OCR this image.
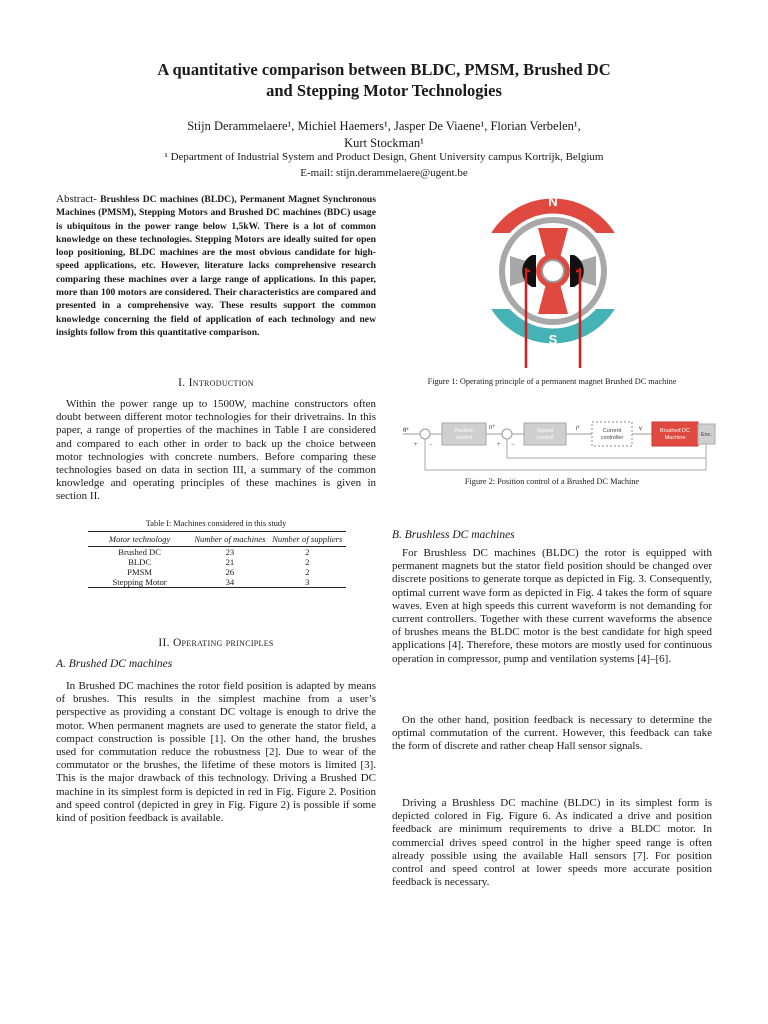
A quantitative comparison between BLDC, PMSM, Brushed DC
and Stepping Motor Technologies
Stijn Derammelaere¹, Michiel Haemers¹, Jasper De Viaene¹, Florian Verbelen¹,
Kurt Stockman¹
¹ Department of Industrial System and Product Design, Ghent University campus Kortrijk, Belgium
E-mail: stijn.derammelaere@ugent.be
Abstract- Brushless DC machines (BLDC), Permanent Magnet Synchronous Machines (PMSM), Stepping Motors and Brushed DC machines (BDC) usage is ubiquitous in the power range below 1,5kW. There is a lot of common knowledge on these technologies. Stepping Motors are ideally suited for open loop positioning, BLDC machines are the most obvious candidate for high-speed applications, etc. However, literature lacks comprehensive research comparing these machines over a large range of applications. In this paper, more than 100 motors are considered. Their characteristics are compared and presented in a comprehensive way. These results support the common knowledge concerning the field of application of each technology and new insights follow from this quantitative comparison.
I. Introduction

Within the power range up to 1500W, machine constructors often doubt between different motor technologies for their drivetrains. In this paper, a range of properties of the machines in Table I are considered and compared to each other in order to back up the choice between motor technologies with concrete numbers. Before comparing these technologies based on data in section III, a summary of the common knowledge and operating principles of these machines is given in section II.

Table I: Machines considered in this study
Motor technology	Number of machines	Number of suppliers
Brushed DC	23	2
BLDC	21	2
PMSM	26	2
Stepping Motor	34	3
II. Operating principles
A. Brushed DC machines

In Brushed DC machines the rotor field position is adapted by means of brushes. This results in the simplest machine from a user’s perspective as providing a constant DC voltage is enough to drive the motor. When permanent magnets are used to generate the stator field, a compact construction is possible [1]. On the other hand, the brushes used for commutation reduce the robustness [2]. Due to wear of the commutator or the brushes, the lifetime of these motors is limited [3]. This is the major drawback of this technology. Driving a Brushed DC machine in its simplest form is depicted in red in Fig. Figure 2. Position and speed control (depicted in grey in Fig. Figure 2) is possible if some kind of position feedback is available.

N
S
Figure 1: Operating principle of a permanent magnet Brushed DC machine
θ*
+ −
Position control
n*
+ −
Speed control
i*	Current controller
v	Brushed DC Machine	Enc.
Figure 2: Position control of a Brushed DC Machine
B. Brushless DC machines

For Brushless DC machines (BLDC) the rotor is equipped with permanent magnets but the stator field position should be changed over discrete positions to generate torque as depicted in Fig. 3. Consequently, optimal current wave form as depicted in Fig. 4 takes the form of square waves. Even at high speeds this current waveform is not demanding for current controllers. Together with these current waveforms the absence of brushes means the BLDC motor is the best candidate for high speed applications [4]. Therefore, these motors are mostly used for continuous operation in compressor, pump and ventilation systems [4]–[6].

On the other hand, position feedback is necessary to determine the optimal commutation of the current. However, this feedback can take the form of discrete and rather cheap Hall sensor signals.

Driving a Brushless DC machine (BLDC) in its simplest form is depicted colored in Fig. Figure 6. As indicated a drive and position feedback are minimum requirements to drive a BLDC motor. In commercial drives speed control in the higher speed range is often already possible using the available Hall sensors [7]. For position control and speed control at lower speeds more accurate position feedback is necessary.
